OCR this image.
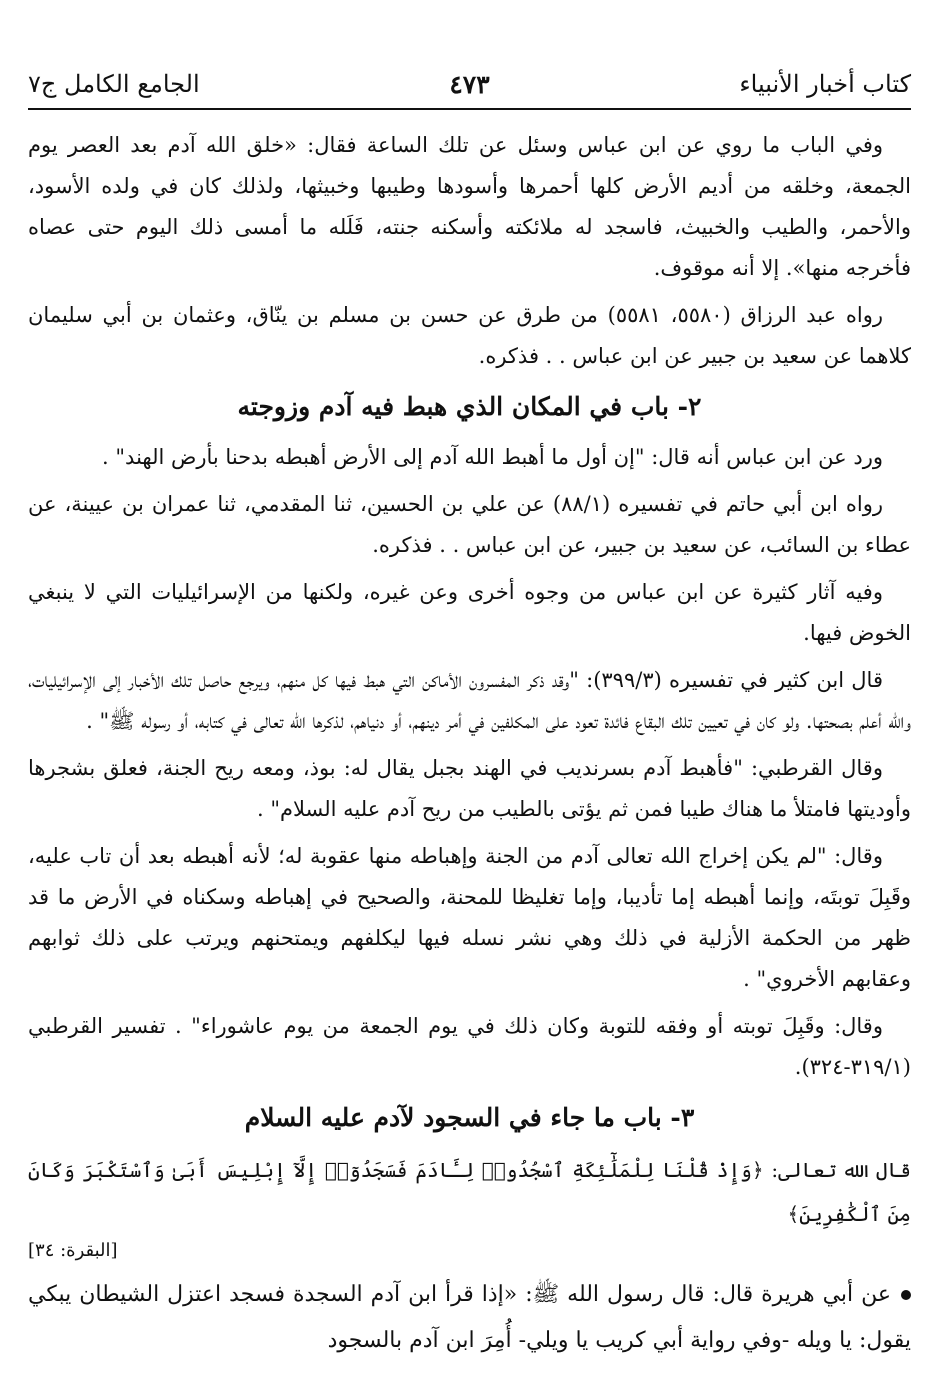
كتاب أخبار الأنبياء
٤٧٣
الجامع الكامل ج٧

وفي الباب ما روي عن ابن عباس وسئل عن تلك الساعة فقال: «خلق الله آدم بعد العصر يوم الجمعة، وخلقه من أديم الأرض كلها أحمرها وأسودها وطيبها وخبيثها، ولذلك كان في ولده الأسود، والأحمر، والطيب والخبيث، فاسجد له ملائكته وأسكنه جنته، فَلَله ما أمسى ذلك اليوم حتى عصاه فأخرجه منها». إلا أنه موقوف.

رواه عبد الرزاق (٥٥٨٠، ٥٥٨١) من طرق عن حسن بن مسلم بن ينّاق، وعثمان بن أبي سليمان كلاهما عن سعيد بن جبير عن ابن عباس . . فذكره.

٢- باب في المكان الذي هبط فيه آدم وزوجته

ورد عن ابن عباس أنه قال: "إن أول ما أهبط الله آدم إلى الأرض أهبطه بدحنا بأرض الهند" .

رواه ابن أبي حاتم في تفسيره (٨٨/١) عن علي بن الحسين، ثنا المقدمي، ثنا عمران بن عيينة، عن عطاء بن السائب، عن سعيد بن جبير، عن ابن عباس . . فذكره.

وفيه آثار كثيرة عن ابن عباس من وجوه أخرى وعن غيره، ولكنها من الإسرائيليات التي لا ينبغي الخوض فيها.

قال ابن كثير في تفسيره (٣٩٩/٣): "وقد ذكر المفسرون الأماكن التي هبط فيها كل منهم، ويرجع حاصل تلك الأخبار إلى الإسرائيليات، والله أعلم بصحتها. ولو كان في تعيين تلك البقاع فائدة تعود على المكلفين في أمر دينهم، أو دنياهم، لذكرها الله تعالى في كتابه، أو رسوله ﷺ" .

وقال القرطبي: "فأهبط آدم بسرنديب في الهند بجبل يقال له: بوذ، ومعه ريح الجنة، فعلق بشجرها وأوديتها فامتلأ ما هناك طيبا فمن ثم يؤتى بالطيب من ريح آدم عليه السلام" .

وقال: "لم يكن إخراج الله تعالى آدم من الجنة وإهباطه منها عقوبة له؛ لأنه أهبطه بعد أن تاب عليه، وقَبِلَ توبتَه، وإنما أهبطه إما تأديبا، وإما تغليظا للمحنة، والصحيح في إهباطه وسكناه في الأرض ما قد ظهر من الحكمة الأزلية في ذلك وهي نشر نسله فيها ليكلفهم ويمتحنهم ويرتب على ذلك ثوابهم وعقابهم الأخروي" .

وقال: وقَبِلَ توبته أو وفقه للتوبة وكان ذلك في يوم الجمعة من يوم عاشوراء" . تفسير القرطبي (٣١٩/١-٣٢٤).

٣- باب ما جاء في السجود لآدم عليه السلام

قال الله تعالى: ﴿وَإِذْ قُلْنَا لِلْمَلَٰٓئِكَةِ ٱسْجُدُوا۟ لِـَٔادَمَ فَسَجَدُوٓا۟ إِلَّآ إِبْلِيسَ أَبَىٰ وَٱسْتَكْبَرَ وَكَانَ مِنَ ٱلْكَٰفِرِينَ﴾

[البقرة: ٣٤]

عن أبي هريرة قال: قال رسول الله ﷺ: «إذا قرأ ابن آدم السجدة فسجد اعتزل الشيطان يبكي يقول: يا ويله -وفي رواية أبي كريب يا ويلي- أُمِرَ ابن آدم بالسجود
